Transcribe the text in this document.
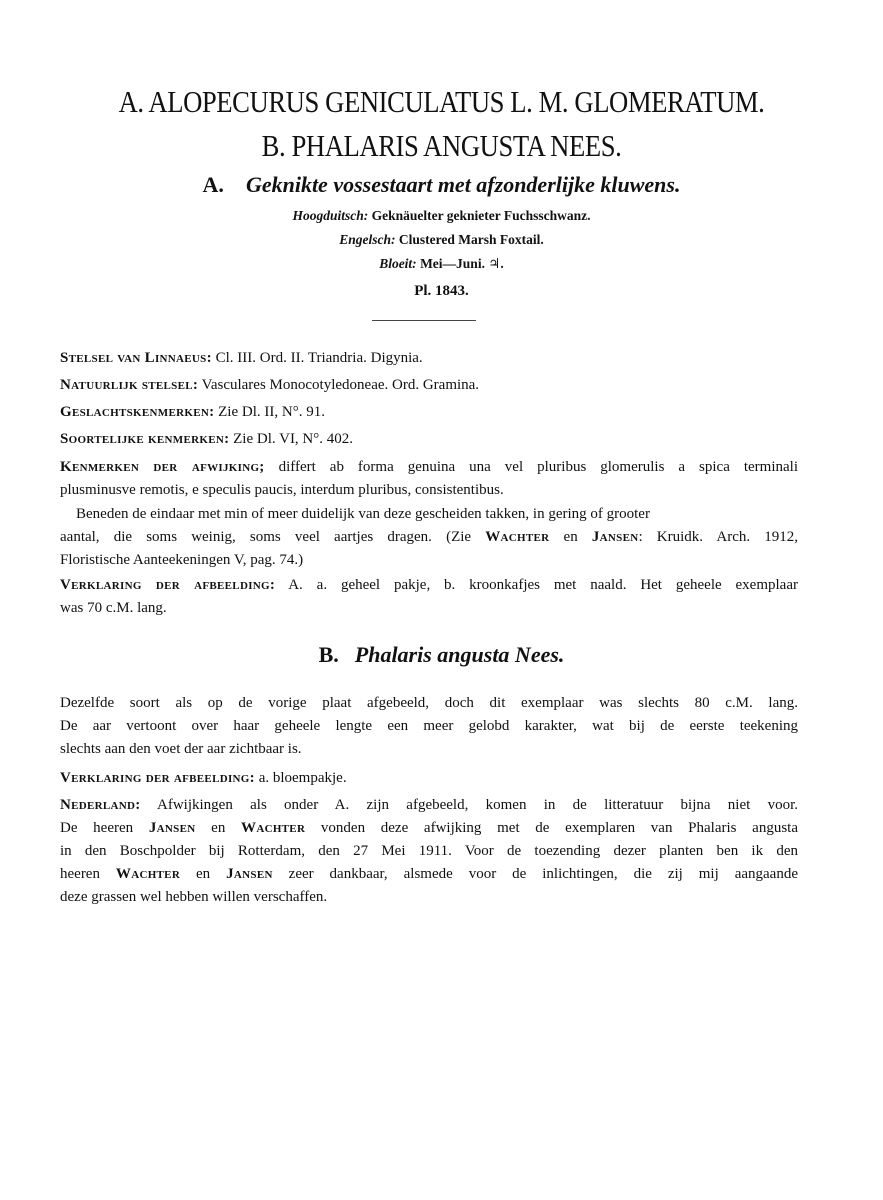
A. ALOPECURUS GENICULATUS L. M. GLOMERATUM.
B. PHALARIS ANGUSTA NEES.
A. Geknikte vossestaart met afzonderlijke kluwens.
Hoogduitsch: Geknäuelter geknieter Fuchsschwanz.
Engelsch: Clustered Marsh Foxtail.
Bloeit: Mei—Juni. ♃.
Pl. 1843.
Stelsel van Linnaeus: Cl. III. Ord. II. Triandria. Digynia.
Natuurlijk stelsel: Vasculares Monocotyledoneae. Ord. Gramina.
Geslachtskenmerken: Zie Dl. II, N°. 91.
Soortelijke kenmerken: Zie Dl. VI, N°. 402.
Kenmerken der afwijking; differt ab forma genuina una vel pluribus glomerulis a spica terminali
plusminusve remotis, e speculis paucis, interdum pluribus, consistentibus.
Beneden de eindaar met min of meer duidelijk van deze gescheiden takken, in gering of grooter
aantal, die soms weinig, soms veel aartjes dragen. (Zie Wachter en Jansen: Kruidk. Arch. 1912,
Floristische Aanteekeningen V, pag. 74.)
Verklaring der afbeelding: A. a. geheel pakje, b. kroonkafjes met naald. Het geheele exemplaar
was 70 c.M. lang.
B. Phalaris angusta Nees.
Dezelfde soort als op de vorige plaat afgebeeld, doch dit exemplaar was slechts 80 c.M. lang.
De aar vertoont over haar geheele lengte een meer gelobd karakter, wat bij de eerste teekening
slechts aan den voet der aar zichtbaar is.
Verklaring der afbeelding: a. bloempakje.
Nederland: Afwijkingen als onder A. zijn afgebeeld, komen in de litteratuur bijna niet voor.
De heeren Jansen en Wachter vonden deze afwijking met de exemplaren van Phalaris angusta
in den Boschpolder bij Rotterdam, den 27 Mei 1911. Voor de toezending dezer planten ben ik den
heeren Wachter en Jansen zeer dankbaar, alsmede voor de inlichtingen, die zij mij aangaande
deze grassen wel hebben willen verschaffen.
